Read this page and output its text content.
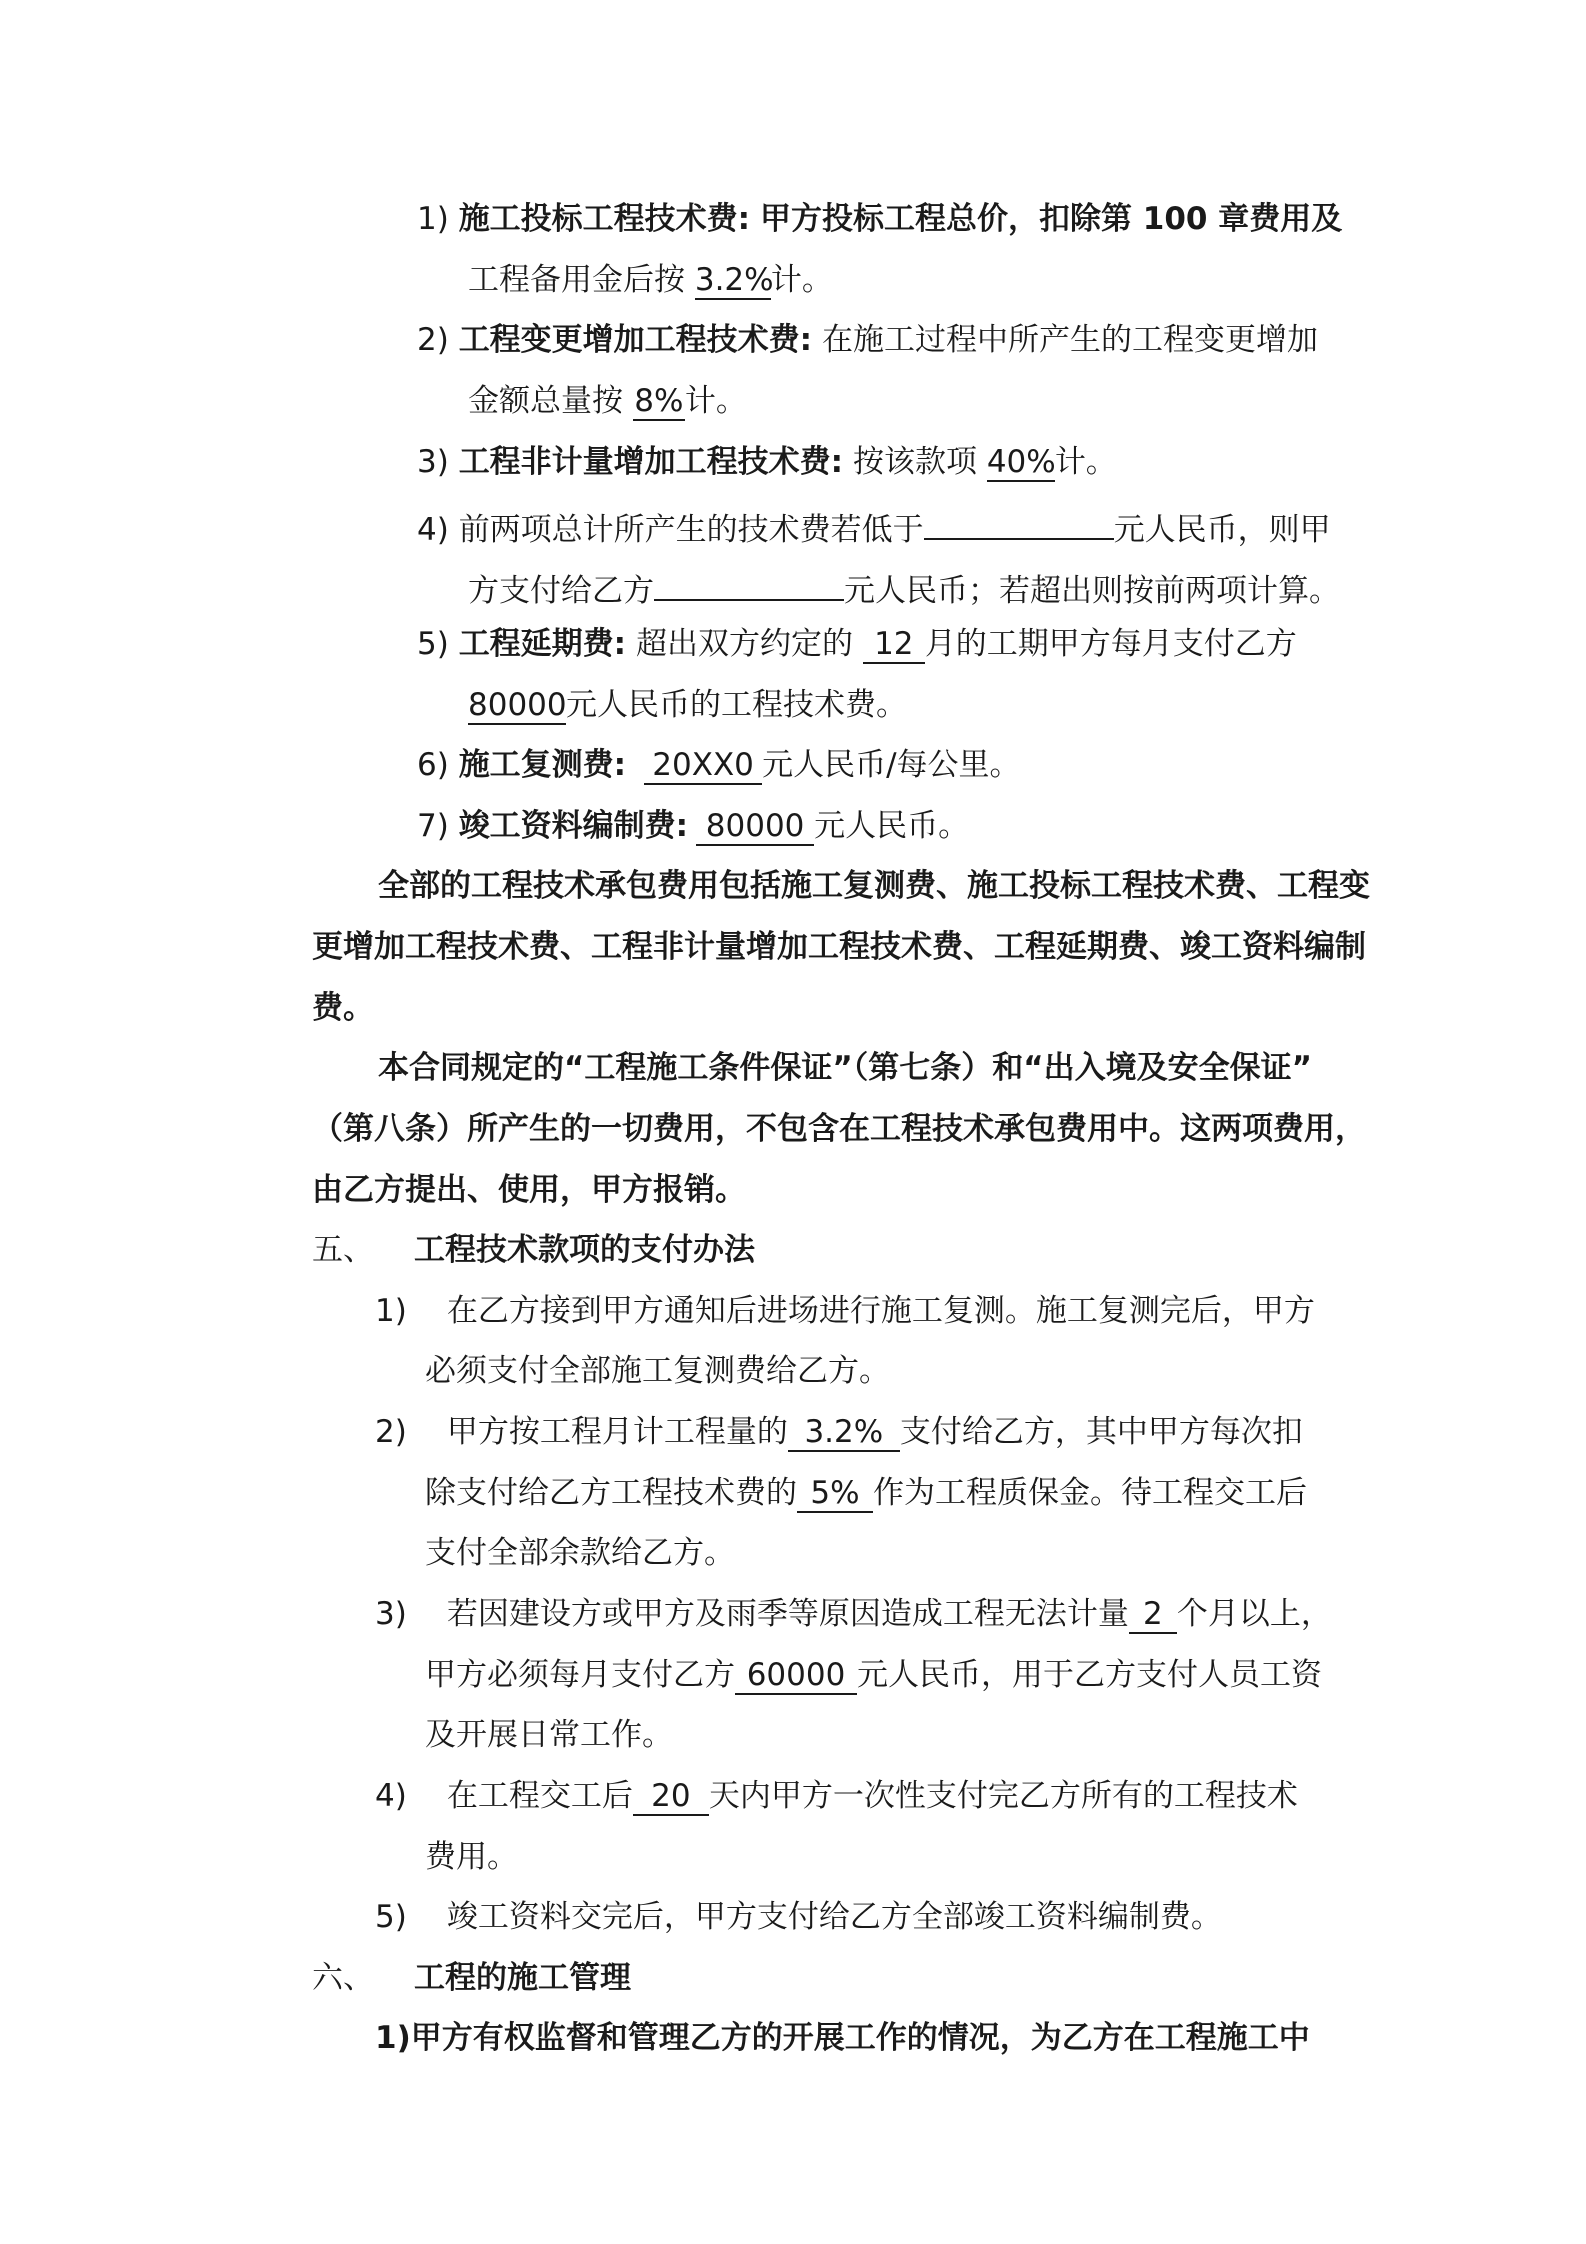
1) 施工投标工程技术费: 甲方投标工程总价，扣除第 100 章费用及
工程备用金后按 3.2%计。
2) 工程变更增加工程技术费: 在施工过程中所产生的工程变更增加
金额总量按 8%计。
3) 工程非计量增加工程技术费: 按该款项 40%计。
4) 前两项总计所产生的技术费若低于	元人民币，则甲
方支付给乙方	元人民币；若超出则按前两项计算。
5) 工程延期费: 超出双方约定的 12 月的工期甲方每月支付乙方
80000元人民币的工程技术费。
6) 施工复测费: 20XX0 元人民币/每公里。
7) 竣工资料编制费: 80000 元人民币。
全部的工程技术承包费用包括施工复测费、施工投标工程技术费、工程变
更增加工程技术费、工程非计量增加工程技术费、工程延期费、竣工资料编制
费。
本合同规定的“工程施工条件保证”（第七条）和“出入境及安全保证”
（第八条）所产生的一切费用，不包含在工程技术承包费用中。这两项费用，
由乙方提出、使用，甲方报销。
五、 工程技术款项的支付办法
1) 在乙方接到甲方通知后进场进行施工复测。施工复测完后，甲方
必须支付全部施工复测费给乙方。
2) 甲方按工程月计工程量的 3.2% 支付给乙方，其中甲方每次扣
除支付给乙方工程技术费的 5% 作为工程质保金。待工程交工后
支付全部余款给乙方。
3) 若因建设方或甲方及雨季等原因造成工程无法计量 2 个月以上，
甲方必须每月支付乙方 60000 元人民币，用于乙方支付人员工资
及开展日常工作。
4) 在工程交工后 20 天内甲方一次性支付完乙方所有的工程技术
费用。
5) 竣工资料交完后，甲方支付给乙方全部竣工资料编制费。
六、 工程的施工管理
1)甲方有权监督和管理乙方的开展工作的情况，为乙方在工程施工中
